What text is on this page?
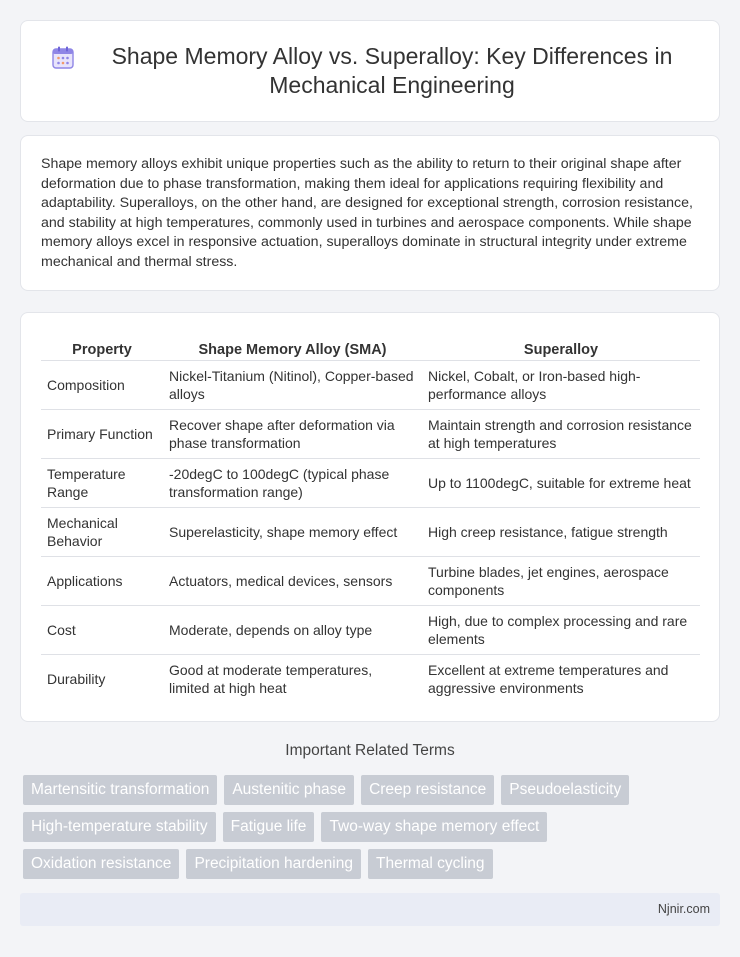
Shape Memory Alloy vs. Superalloy: Key Differences in Mechanical Engineering

Shape memory alloys exhibit unique properties such as the ability to return to their original shape after deformation due to phase transformation, making them ideal for applications requiring flexibility and adaptability. Superalloys, on the other hand, are designed for exceptional strength, corrosion resistance, and stability at high temperatures, commonly used in turbines and aerospace components. While shape memory alloys excel in responsive actuation, superalloys dominate in structural integrity under extreme mechanical and thermal stress.

Property	Shape Memory Alloy (SMA)	Superalloy
Composition	Nickel-Titanium (Nitinol), Copper-based alloys	Nickel, Cobalt, or Iron-based high-performance alloys
Primary Function	Recover shape after deformation via phase transformation	Maintain strength and corrosion resistance at high temperatures
Temperature Range	-20degC to 100degC (typical phase transformation range)	Up to 1100degC, suitable for extreme heat
Mechanical Behavior	Superelasticity, shape memory effect	High creep resistance, fatigue strength
Applications	Actuators, medical devices, sensors	Turbine blades, jet engines, aerospace components
Cost	Moderate, depends on alloy type	High, due to complex processing and rare elements
Durability	Good at moderate temperatures, limited at high heat	Excellent at extreme temperatures and aggressive environments
Important Related Terms
Martensitic transformation	Austenitic phase	Creep resistance	Pseudoelasticity
High-temperature stability	Fatigue life	Two-way shape memory effect
Oxidation resistance	Precipitation hardening	Thermal cycling
Njnir.com
